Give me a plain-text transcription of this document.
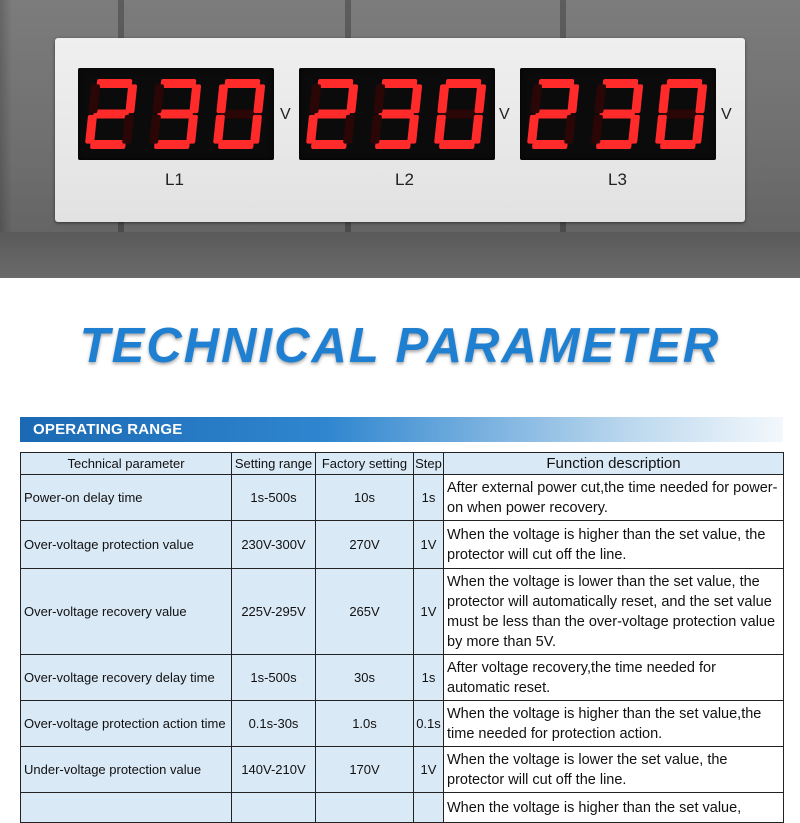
V
L1
V
L2
V
L3
TECHNICAL PARAMETER
OPERATING RANGE
Technical parameter	Setting range	Factory setting	Step	Function description
Power-on delay time	1s-500s	10s	1s	After external power cut,the time needed for power-on when power recovery.
Over-voltage protection value	230V-300V	270V	1V	When the voltage is higher than the set value, the protector will cut off the line.
Over-voltage recovery value	225V-295V	265V	1V	When the voltage is lower than the set value, the protector will automatically reset, and the set value must be less than the over-voltage protection value by more than 5V.
Over-voltage recovery delay time	1s-500s	30s	1s	After voltage recovery,the time needed for automatic reset.
Over-voltage protection action time	0.1s-30s	1.0s	0.1s	When the voltage is higher than the set value,the time needed for protection action.
Under-voltage protection value	140V-210V	170V	1V	When the voltage is lower the set value, the protector will cut off the line.
				When the voltage is higher than the set value,
